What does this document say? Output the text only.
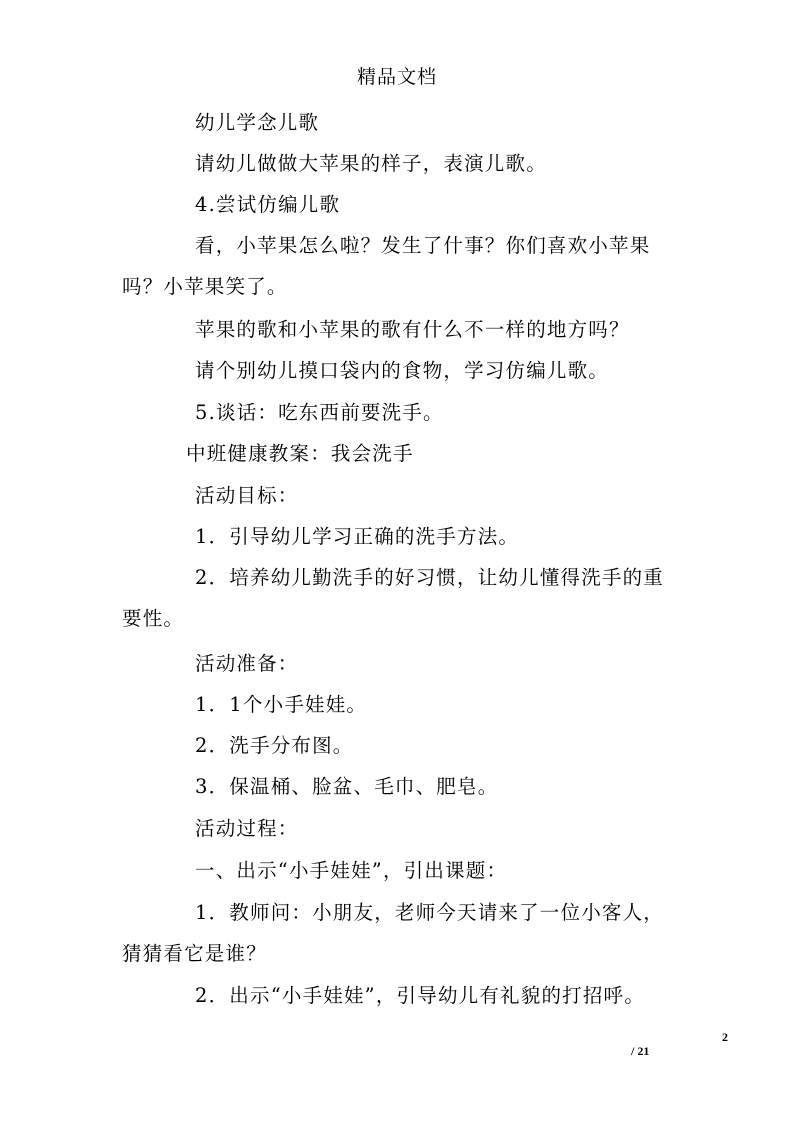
精品文档
幼儿学念儿歌
请幼儿做做大苹果的样子，表演儿歌。
4.尝试仿编儿歌
看，小苹果怎么啦？发生了什事？你们喜欢小苹果
吗？小苹果笑了。
苹果的歌和小苹果的歌有什么不一样的地方吗？
请个别幼儿摸口袋内的食物，学习仿编儿歌。
5.谈话：吃东西前要洗手。
中班健康教案：我会洗手
活动目标：
1．引导幼儿学习正确的洗手方法。
2．培养幼儿勤洗手的好习惯，让幼儿懂得洗手的重
要性。
活动准备：
1．1个小手娃娃。
2．洗手分布图。
3．保温桶、脸盆、毛巾、肥皂。
活动过程：
一、出示“小手娃娃”，引出课题：
1．教师问：小朋友，老师今天请来了一位小客人，
猜猜看它是谁？
2．出示“小手娃娃”，引导幼儿有礼貌的打招呼。
2
/ 21
